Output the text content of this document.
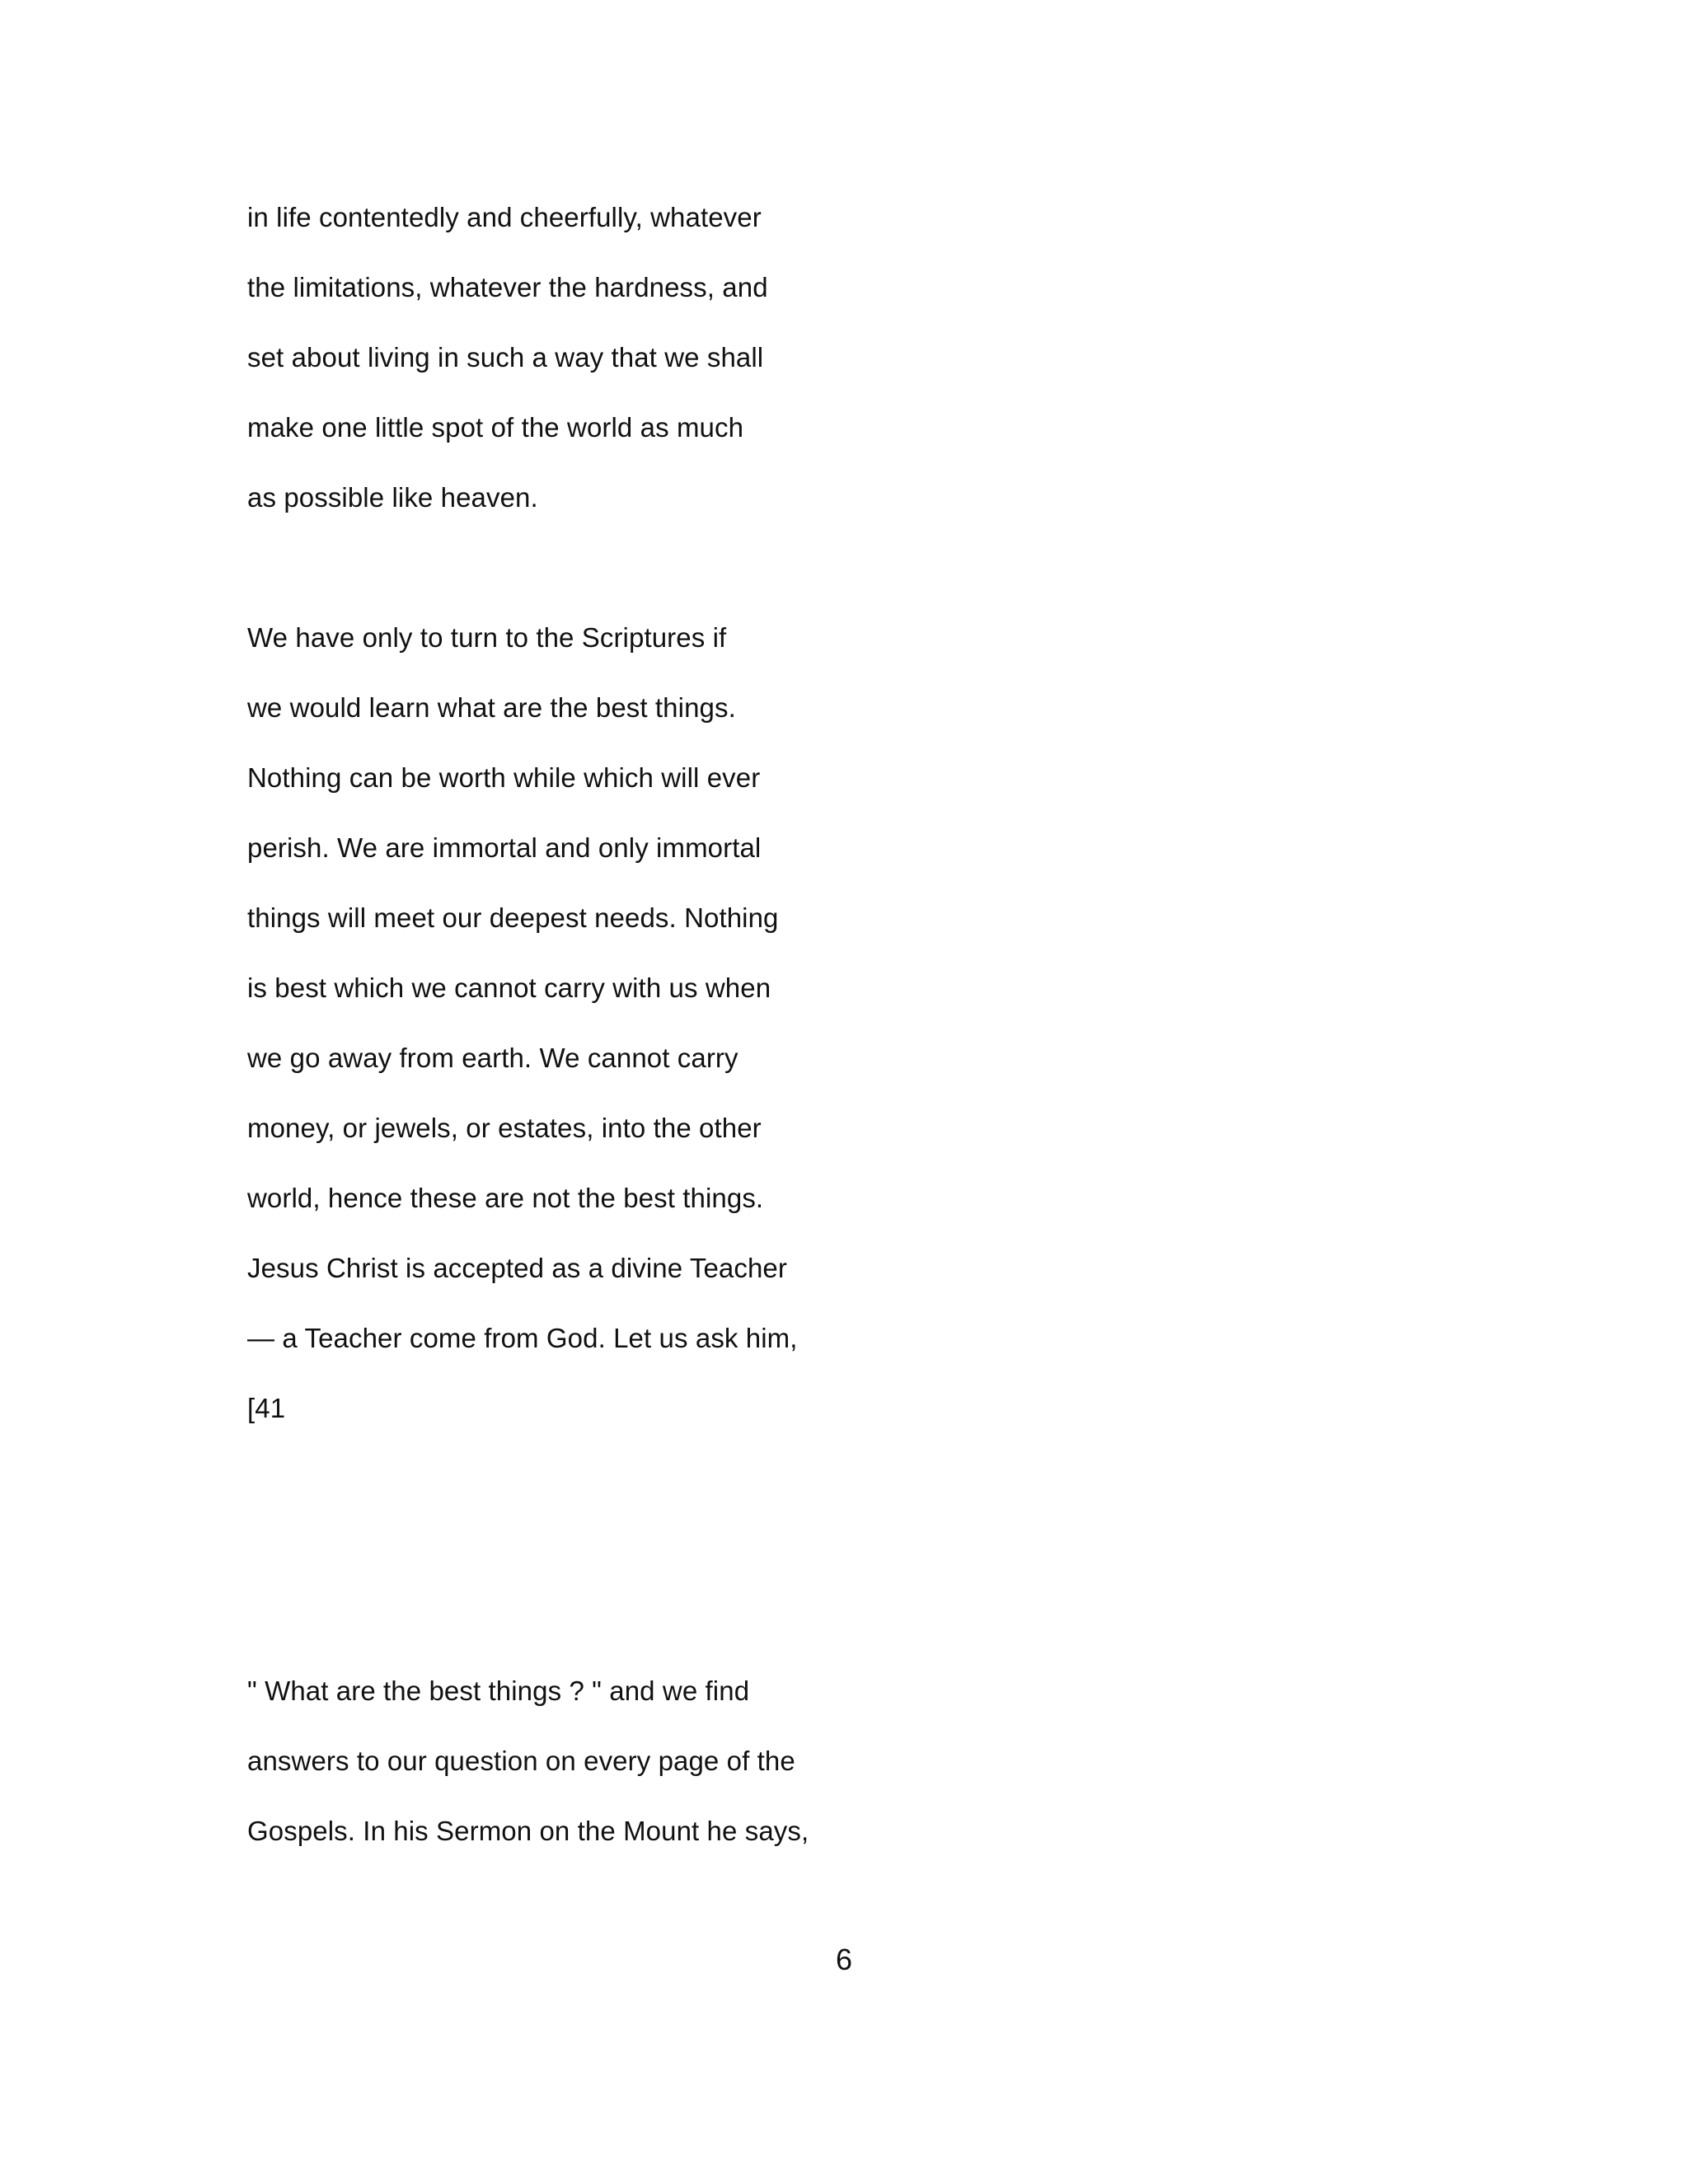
in life contentedly and cheerfully, whatever
the limitations, whatever the hardness, and
set about living in such a way that we shall
make one little spot of the world as much
as possible like heaven.
We have only to turn to the Scriptures if
we would learn what are the best things.
Nothing can be worth while which will ever
perish. We are immortal and only immortal
things will meet our deepest needs. Nothing
is best which we cannot carry with us when
we go away from earth. We cannot carry
money, or jewels, or estates, into the other
world, hence these are not the best things.
Jesus Christ is accepted as a divine Teacher
— a Teacher come from God. Let us ask him,
[41
" What are the best things ? " and we find
answers to our question on every page of the
Gospels. In his Sermon on the Mount he says,
6
